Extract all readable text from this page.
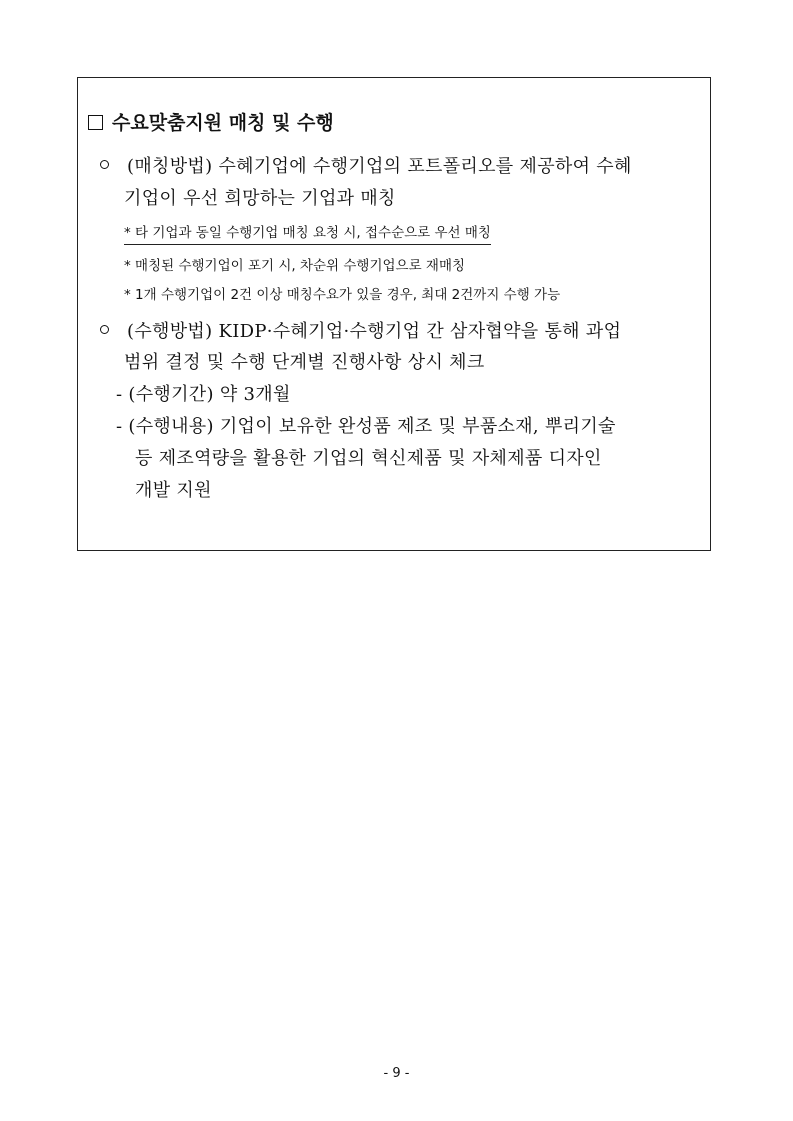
수요맞춤지원 매칭 및 수행
(매칭방법) 수혜기업에 수행기업의 포트폴리오를 제공하여 수혜
기업이 우선 희망하는 기업과 매칭
* 타 기업과 동일 수행기업 매칭 요청 시, 접수순으로 우선 매칭
* 매칭된 수행기업이 포기 시, 차순위 수행기업으로 재매칭
* 1개 수행기업이 2건 이상 매칭수요가 있을 경우, 최대 2건까지 수행 가능
(수행방법) KIDP·수혜기업·수행기업 간 삼자협약을 통해 과업
범위 결정 및 수행 단계별 진행사항 상시 체크
- (수행기간) 약 3개월
- (수행내용) 기업이 보유한 완성품 제조 및 부품소재, 뿌리기술
등 제조역량을 활용한 기업의 혁신제품 및 자체제품 디자인
개발 지원
- 9 -
